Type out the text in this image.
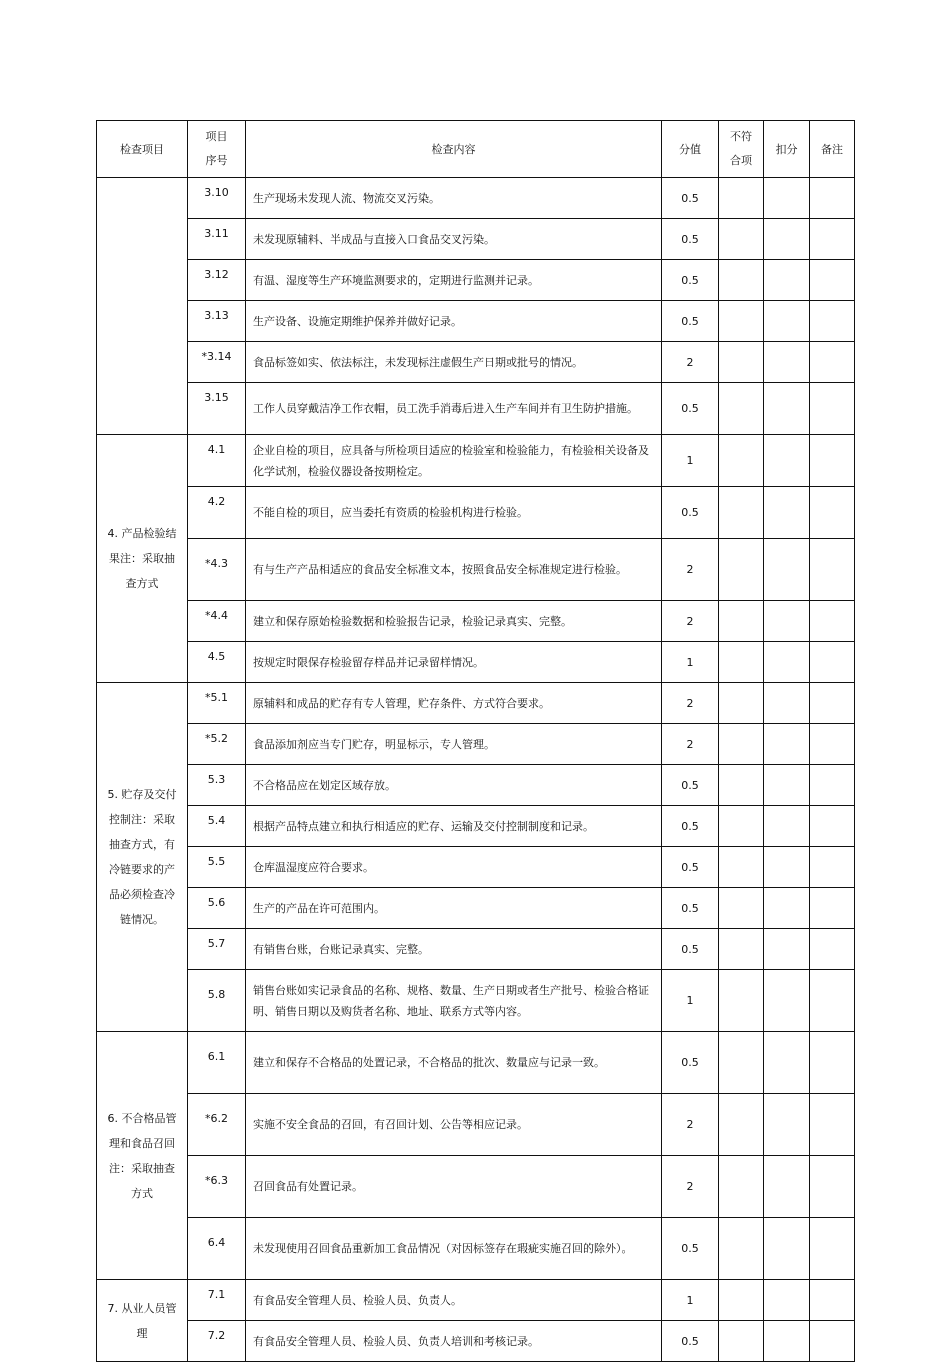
检查项目	项目序号	检查内容	分值	不符合项	扣分	备注
	3.10	生产现场未发现人流、物流交叉污染。	0.5			
	3.11	未发现原辅料、半成品与直接入口食品交叉污染。	0.5			
	3.12	有温、湿度等生产环境监测要求的，定期进行监测并记录。	0.5			
	3.13	生产设备、设施定期维护保养并做好记录。	0.5			
	*3.14	食品标签如实、依法标注，未发现标注虚假生产日期或批号的情况。	2			
	3.15	工作人员穿戴洁净工作衣帽，员工洗手消毒后进入生产车间并有卫生防护措施。	0.5			
4. 产品检验结果注：采取抽查方式	4.1	企业自检的项目，应具备与所检项目适应的检验室和检验能力，有检验相关设备及化学试剂，检验仪器设备按期检定。	1			
	4.2	不能自检的项目，应当委托有资质的检验机构进行检验。	0.5			
	*4.3	有与生产产品相适应的食品安全标准文本，按照食品安全标准规定进行检验。	2			
	*4.4	建立和保存原始检验数据和检验报告记录，检验记录真实、完整。	2			
	4.5	按规定时限保存检验留存样品并记录留样情况。	1			
5. 贮存及交付控制注：采取抽查方式，有冷链要求的产品必须检查冷链情况。	*5.1	原辅料和成品的贮存有专人管理，贮存条件、方式符合要求。	2			
	*5.2	食品添加剂应当专门贮存，明显标示，专人管理。	2			
	5.3	不合格品应在划定区域存放。	0.5			
	5.4	根据产品特点建立和执行相适应的贮存、运输及交付控制制度和记录。	0.5			
	5.5	仓库温湿度应符合要求。	0.5			
	5.6	生产的产品在许可范围内。	0.5			
	5.7	有销售台账，台账记录真实、完整。	0.5			
	5.8	销售台账如实记录食品的名称、规格、数量、生产日期或者生产批号、检验合格证明、销售日期以及购货者名称、地址、联系方式等内容。	1			
6. 不合格品管理和食品召回注：采取抽查方式	6.1	建立和保存不合格品的处置记录，不合格品的批次、数量应与记录一致。	0.5			
	*6.2	实施不安全食品的召回，有召回计划、公告等相应记录。	2			
	*6.3	召回食品有处置记录。	2			
	6.4	未发现使用召回食品重新加工食品情况（对因标签存在瑕疵实施召回的除外）。	0.5			
7. 从业人员管理	7.1	有食品安全管理人员、检验人员、负责人。	1			
	7.2	有食品安全管理人员、检验人员、负责人培训和考核记录。	0.5			
